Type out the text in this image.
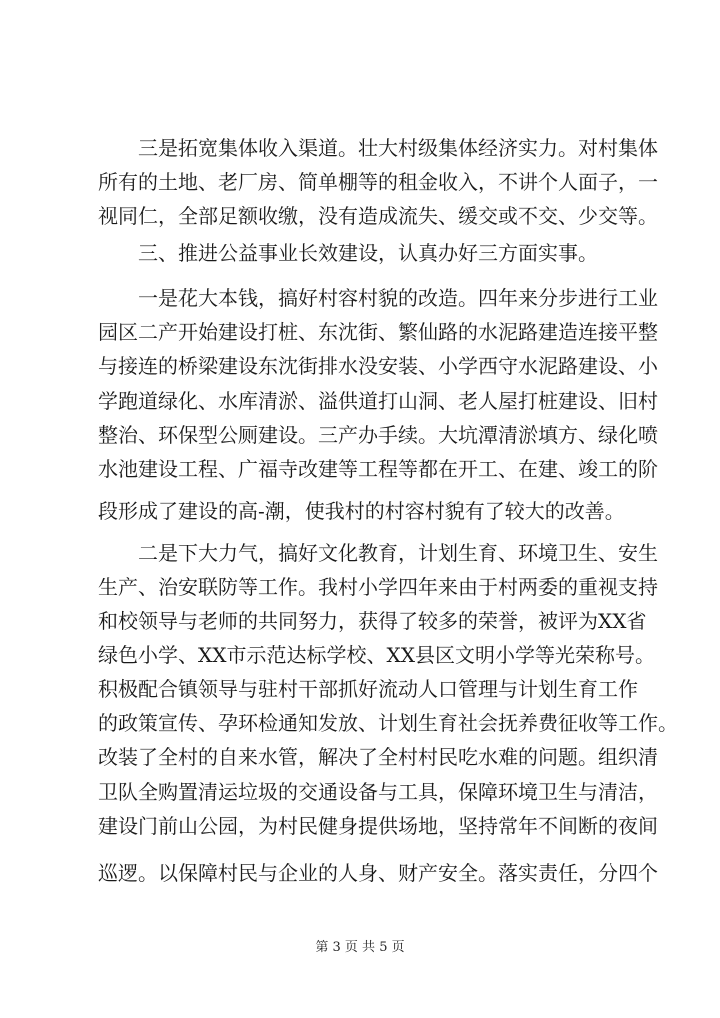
三是拓宽集体收入渠道。壮大村级集体经济实力。对村集体
所有的土地、老厂房、简单棚等的租金收入，不讲个人面子，一
视同仁，全部足额收缴，没有造成流失、缓交或不交、少交等。
三、推进公益事业长效建设，认真办好三方面实事。
一是花大本钱，搞好村容村貌的改造。四年来分步进行工业
园区二产开始建设打桩、东沈街、繁仙路的水泥路建造连接平整
与接连的桥梁建设东沈街排水没安装、小学西守水泥路建设、小
学跑道绿化、水库清淤、溢供道打山洞、老人屋打桩建设、旧村
整治、环保型公厕建设。三产办手续。大坑潭清淤填方、绿化喷
水池建设工程、广福寺改建等工程等都在开工、在建、竣工的阶
段形成了建设的高-潮，使我村的村容村貌有了较大的改善。
二是下大力气，搞好文化教育，计划生育、环境卫生、安生
生产、治安联防等工作。我村小学四年来由于村两委的重视支持
和校领导与老师的共同努力，获得了较多的荣誉，被评为XX省
绿色小学、XX市示范达标学校、XX县区文明小学等光荣称号。
积极配合镇领导与驻村干部抓好流动人口管理与计划生育工作
的政策宣传、孕环检通知发放、计划生育社会抚养费征收等工作。
改装了全村的自来水管，解决了全村村民吃水难的问题。组织清
卫队全购置清运垃圾的交通设备与工具，保障环境卫生与清洁，
建设门前山公园，为村民健身提供场地，坚持常年不间断的夜间
巡逻。以保障村民与企业的人身、财产安全。落实责任，分四个
第 3 页 共 5 页
